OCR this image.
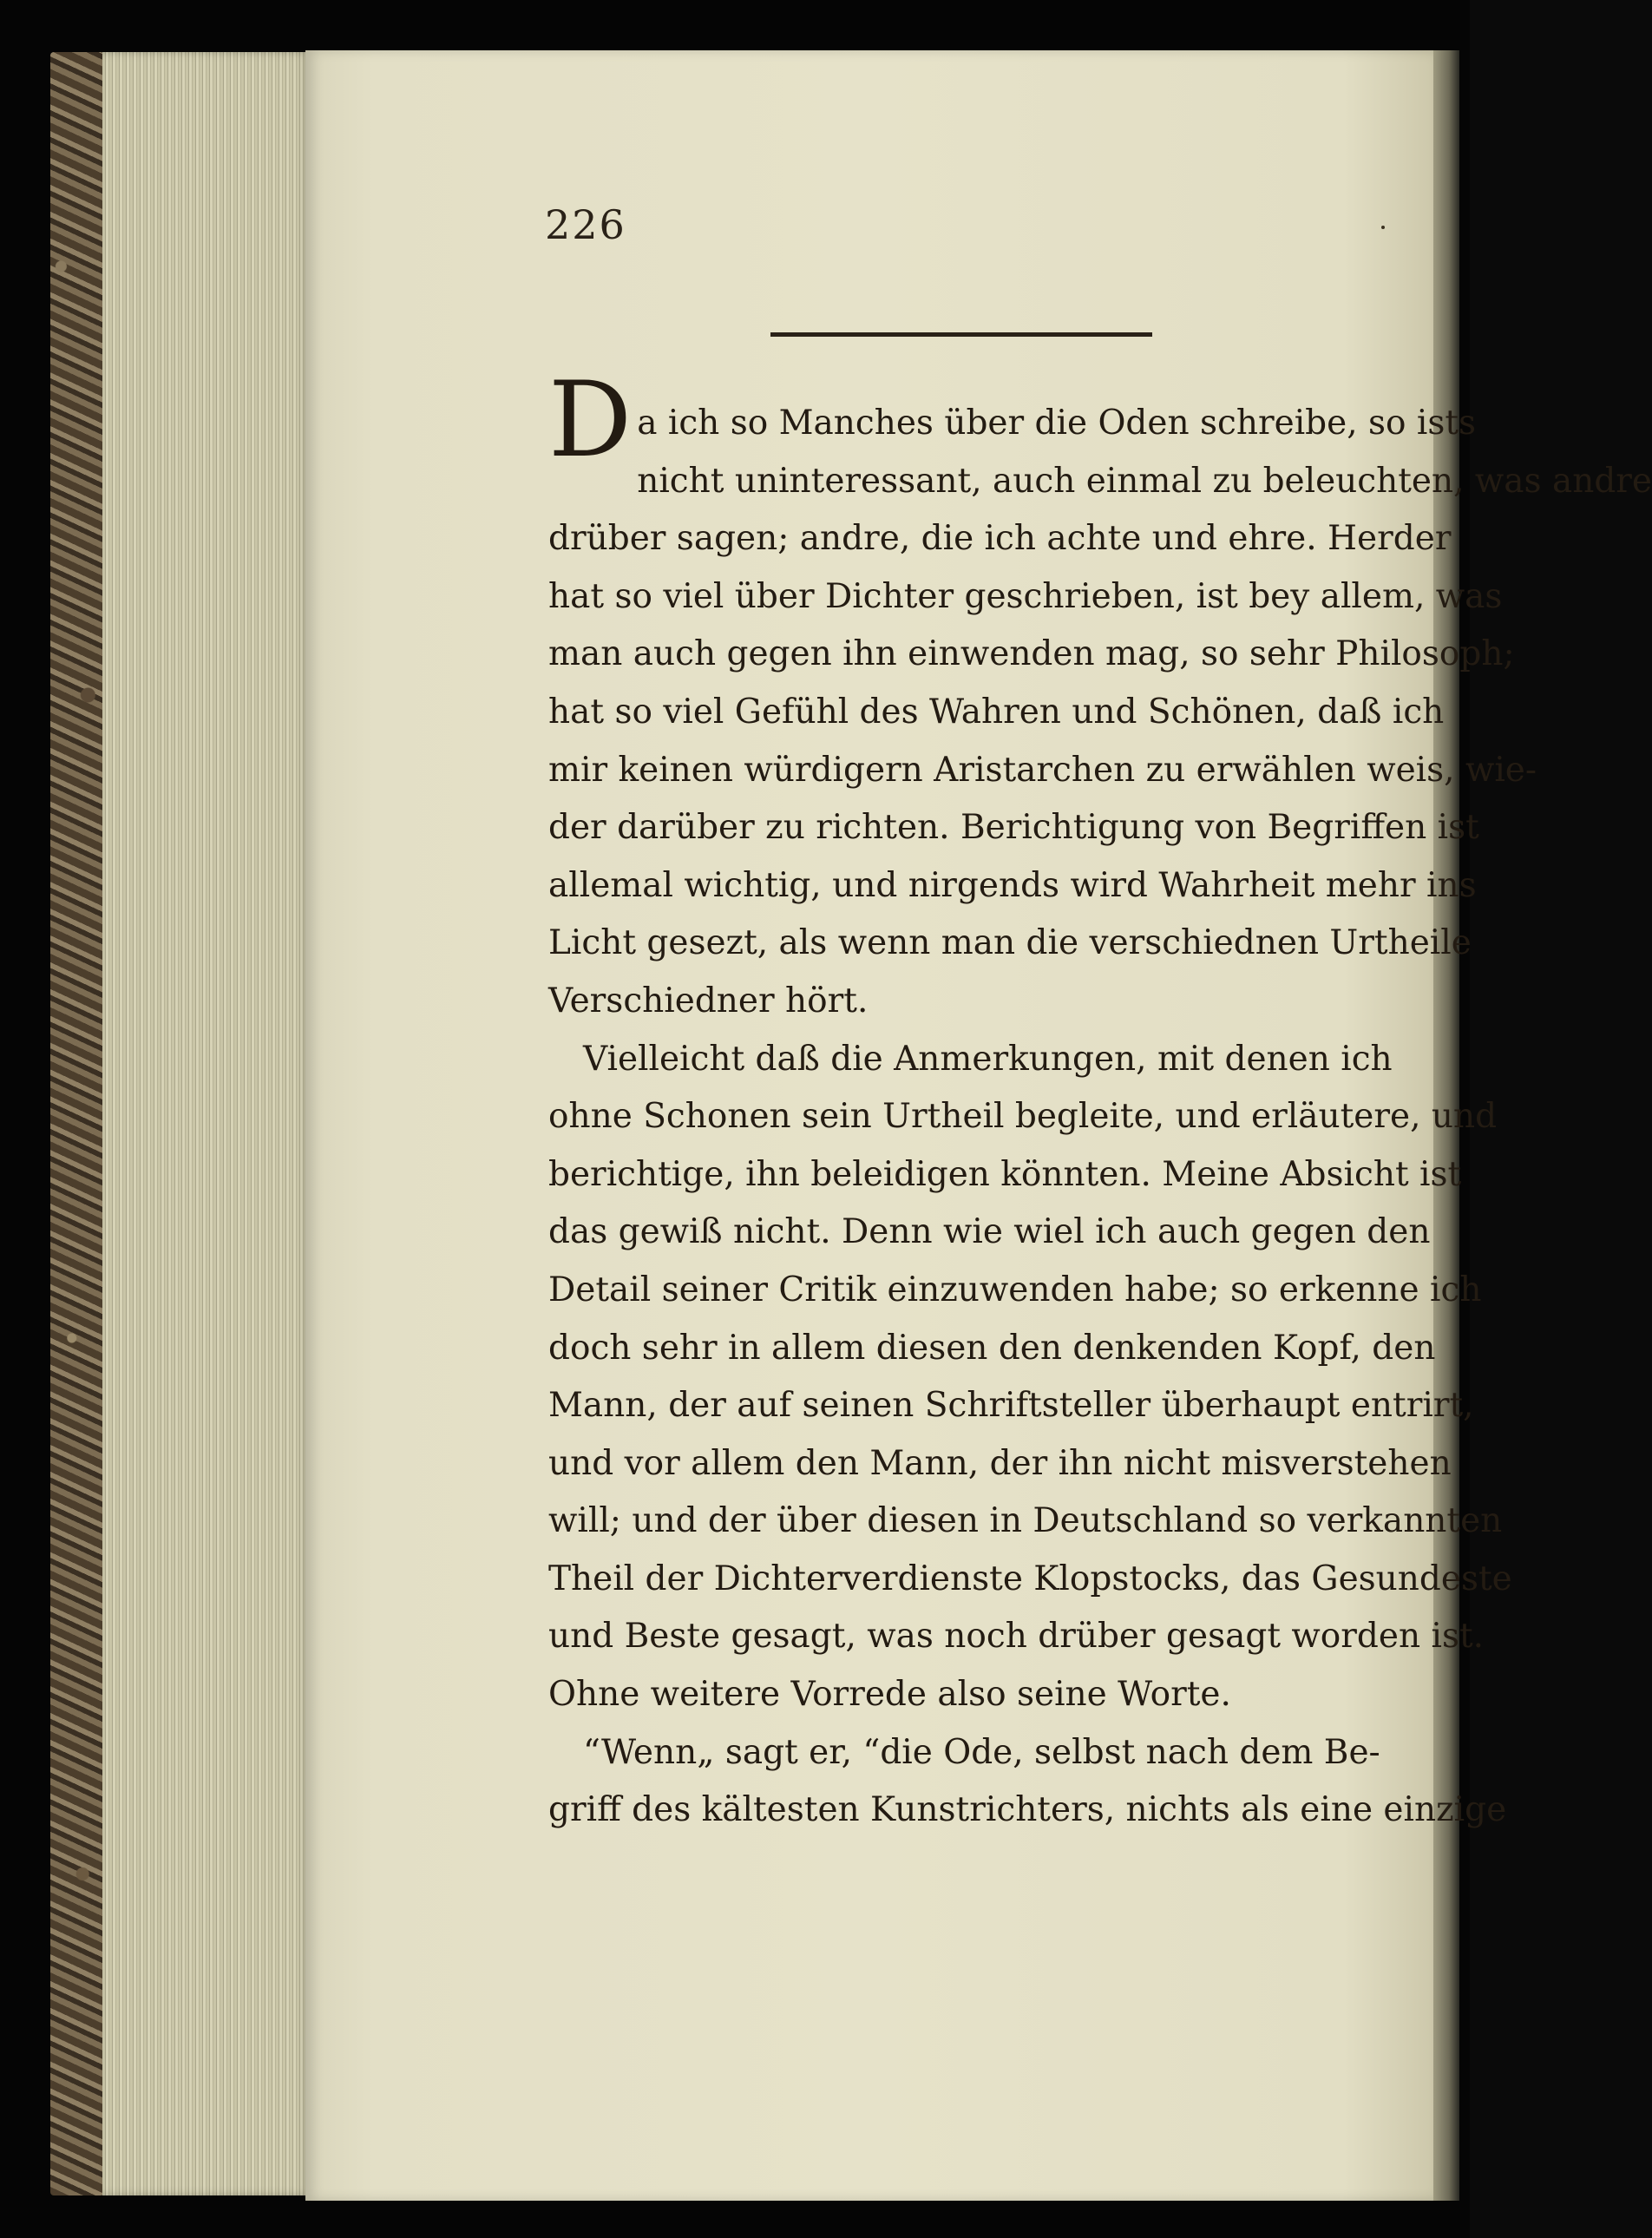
226
Da ich so Manches über die Oden schreibe, so ists
nicht uninteressant, auch einmal zu beleuchten, was andre
drüber sagen; andre, die ich achte und ehre. Herder
hat so viel über Dichter geschrieben, ist bey allem, was
man auch gegen ihn einwenden mag, so sehr Philosoph;
hat so viel Gefühl des Wahren und Schönen, daß ich
mir keinen würdigern Aristarchen zu erwählen weis, wie-
der darüber zu richten. Berichtigung von Begriffen ist
allemal wichtig, und nirgends wird Wahrheit mehr ins
Licht gesezt, als wenn man die verschiednen Urtheile
Verschiedner hört.
Vielleicht daß die Anmerkungen, mit denen ich
ohne Schonen sein Urtheil begleite, und erläutere, und
berichtige, ihn beleidigen könnten. Meine Absicht ist
das gewiß nicht. Denn wie wiel ich auch gegen den
Detail seiner Critik einzuwenden habe; so erkenne ich
doch sehr in allem diesen den denkenden Kopf, den
Mann, der auf seinen Schriftsteller überhaupt entrirt,
und vor allem den Mann, der ihn nicht misverstehen
will; und der über diesen in Deutschland so verkannten
Theil der Dichterverdienste Klopstocks, das Gesundeste
und Beste gesagt, was noch drüber gesagt worden ist.
Ohne weitere Vorrede also seine Worte.
“Wenn„ sagt er, “die Ode, selbst nach dem Be-
griff des kältesten Kunstrichters, nichts als eine einzige
